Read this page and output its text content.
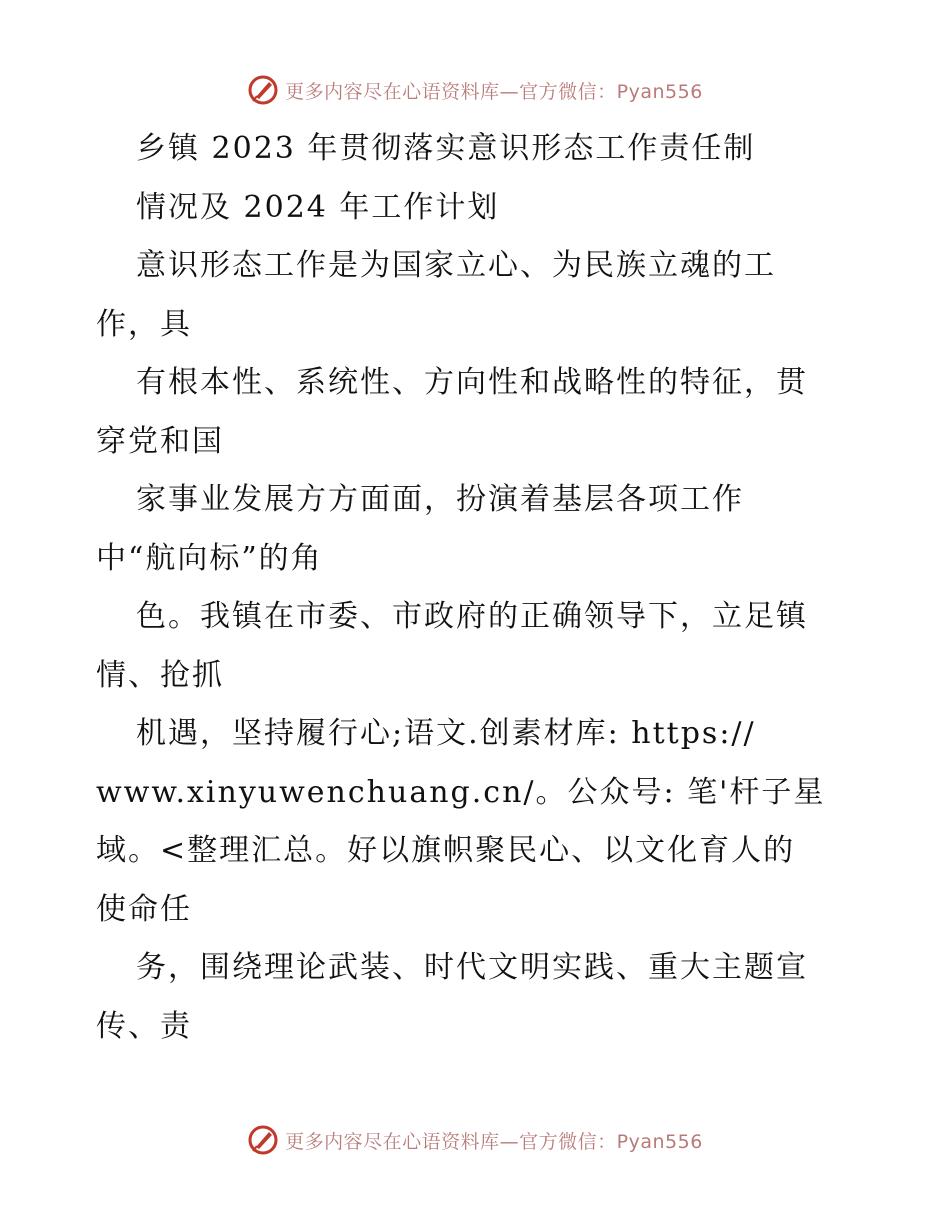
更多内容尽在心语资料库—官方微信：Pyan556
乡镇 2023 年贯彻落实意识形态工作责任制
情况及 2024 年工作计划
意识形态工作是为国家立心、为民族立魂的工
作，具
有根本性、系统性、方向性和战略性的特征，贯
穿党和国
家事业发展方方面面，扮演着基层各项工作
中“航向标”的角
色。我镇在市委、市政府的正确领导下，立足镇
情、抢抓
机遇，坚持履行心;语文.创素材库: https://
www.xinyuwenchuang.cn/。公众号: 笔'杆子星
域。<整理汇总。好以旗帜聚民心、以文化育人的
使命任
务，围绕理论武装、时代文明实践、重大主题宣
传、责
更多内容尽在心语资料库—官方微信：Pyan556
